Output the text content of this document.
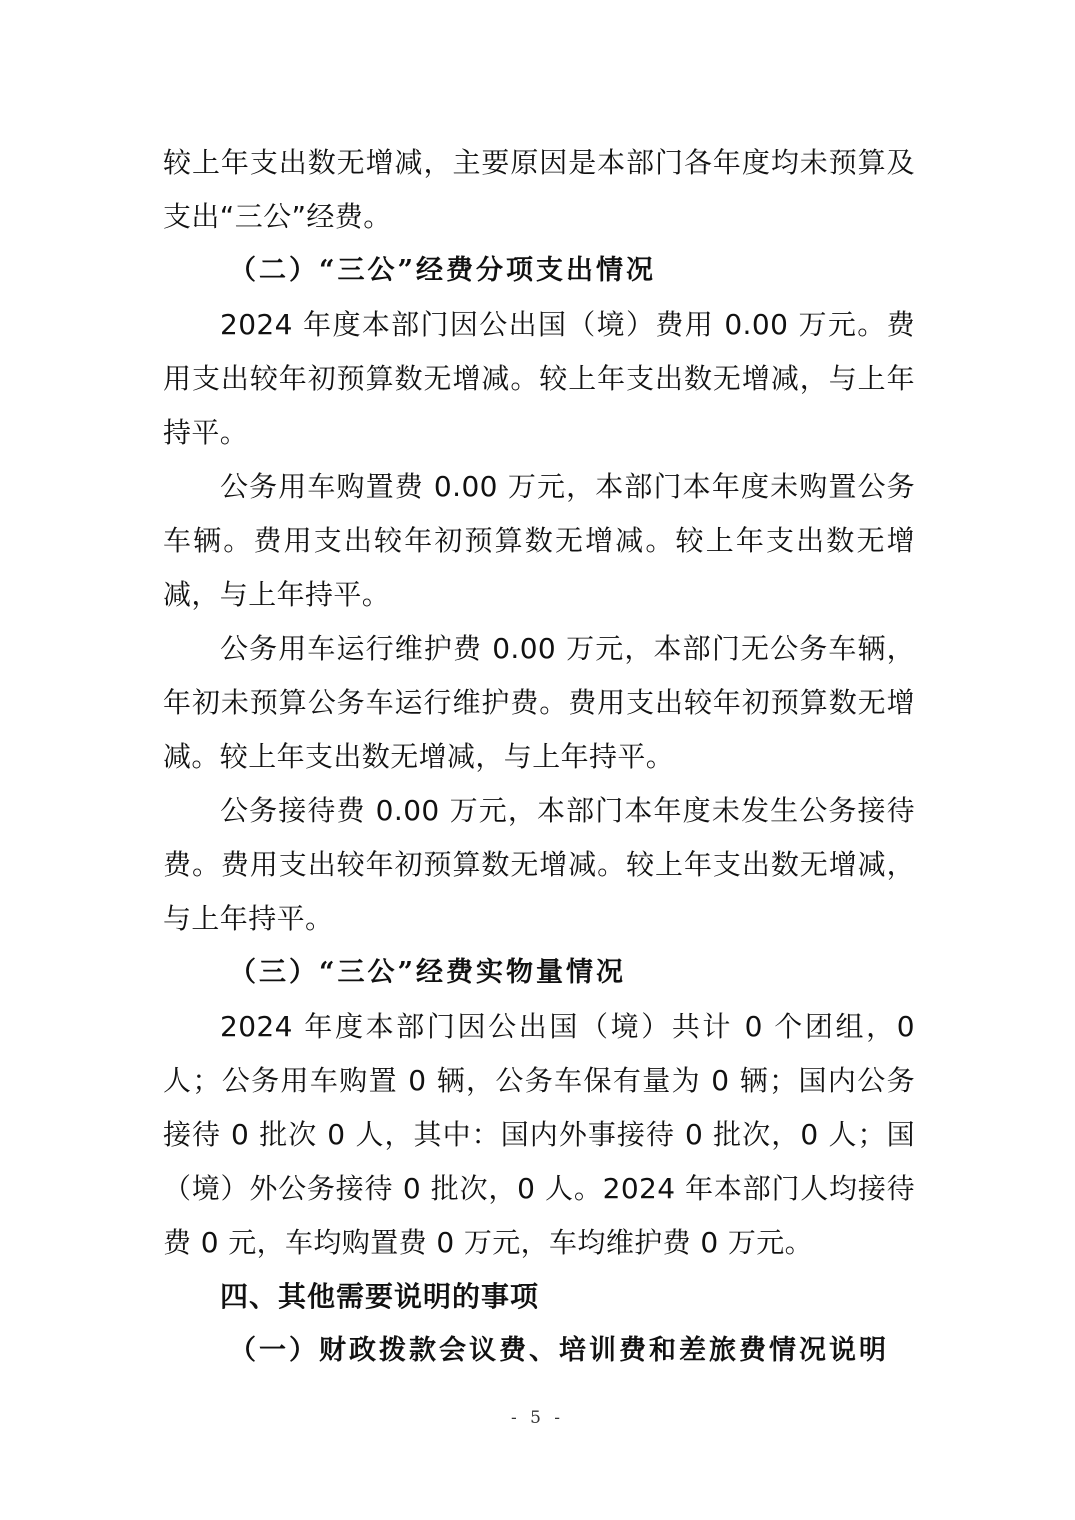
较上年支出数无增减，主要原因是本部门各年度均未预算及支出“三公”经费。

（二）“三公”经费分项支出情况

2024 年度本部门因公出国（境）费用 0.00 万元。费用支出较年初预算数无增减。较上年支出数无增减，与上年持平。

公务用车购置费 0.00 万元，本部门本年度未购置公务车辆。费用支出较年初预算数无增减。较上年支出数无增减，与上年持平。

公务用车运行维护费 0.00 万元，本部门无公务车辆，年初未预算公务车运行维护费。费用支出较年初预算数无增减。较上年支出数无增减，与上年持平。

公务接待费 0.00 万元，本部门本年度未发生公务接待费。费用支出较年初预算数无增减。较上年支出数无增减，与上年持平。

（三）“三公”经费实物量情况

2024 年度本部门因公出国（境）共计 0 个团组，0 人；公务用车购置 0 辆，公务车保有量为 0 辆；国内公务接待 0 批次 0 人，其中：国内外事接待 0 批次，0 人；国（境）外公务接待 0 批次，0 人。2024 年本部门人均接待费 0 元，车均购置费 0 万元，车均维护费 0 万元。

四、其他需要说明的事项

（一）财政拨款会议费、培训费和差旅费情况说明

- 5 -
